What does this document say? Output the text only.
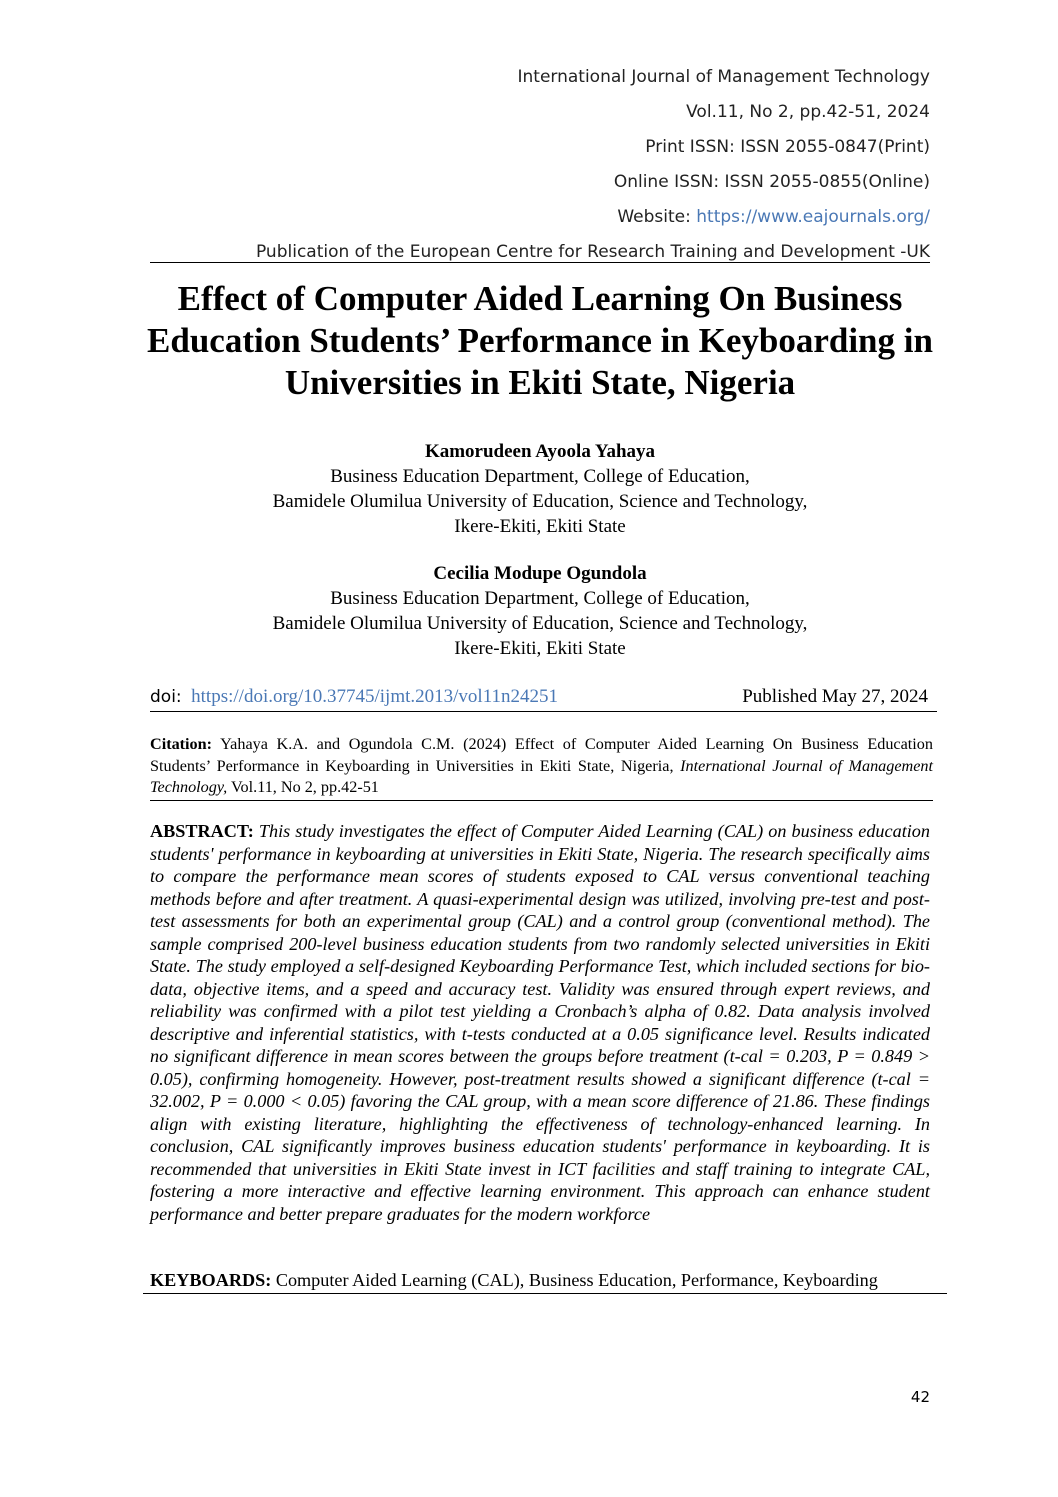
International Journal of Management Technology
Vol.11, No 2, pp.42-51, 2024
Print ISSN: ISSN 2055-0847(Print)
Online ISSN: ISSN 2055-0855(Online)
Website: https://www.eajournals.org/
Publication of the European Centre for Research Training and Development -UK
Effect of Computer Aided Learning On Business Education Students’ Performance in Keyboarding in Universities in Ekiti State, Nigeria
Kamorudeen Ayoola Yahaya
Business Education Department, College of Education,
Bamidele Olumilua University of Education, Science and Technology,
Ikere-Ekiti, Ekiti State
Cecilia Modupe Ogundola
Business Education Department, College of Education,
Bamidele Olumilua University of Education, Science and Technology,
Ikere-Ekiti, Ekiti State
doi: https://doi.org/10.37745/ijmt.2013/vol11n24251	Published May 27, 2024
Citation: Yahaya K.A. and Ogundola C.M. (2024) Effect of Computer Aided Learning On Business Education Students’ Performance in Keyboarding in Universities in Ekiti State, Nigeria, International Journal of Management Technology, Vol.11, No 2, pp.42-51

ABSTRACT: This study investigates the effect of Computer Aided Learning (CAL) on business education students' performance in keyboarding at universities in Ekiti State, Nigeria. The research specifically aims to compare the performance mean scores of students exposed to CAL versus conventional teaching methods before and after treatment. A quasi-experimental design was utilized, involving pre-test and post-test assessments for both an experimental group (CAL) and a control group (conventional method). The sample comprised 200-level business education students from two randomly selected universities in Ekiti State. The study employed a self-designed Keyboarding Performance Test, which included sections for bio-data, objective items, and a speed and accuracy test. Validity was ensured through expert reviews, and reliability was confirmed with a pilot test yielding a Cronbach’s alpha of 0.82. Data analysis involved descriptive and inferential statistics, with t-tests conducted at a 0.05 significance level. Results indicated no significant difference in mean scores between the groups before treatment (t-cal = 0.203, P = 0.849 > 0.05), confirming homogeneity. However, post-treatment results showed a significant difference (t-cal = 32.002, P = 0.000 < 0.05) favoring the CAL group, with a mean score difference of 21.86. These findings align with existing literature, highlighting the effectiveness of technology-enhanced learning. In conclusion, CAL significantly improves business education students' performance in keyboarding. It is recommended that universities in Ekiti State invest in ICT facilities and staff training to integrate CAL, fostering a more interactive and effective learning environment. This approach can enhance student performance and better prepare graduates for the modern workforce

KEYBOARDS: Computer Aided Learning (CAL), Business Education, Performance, Keyboarding
42
